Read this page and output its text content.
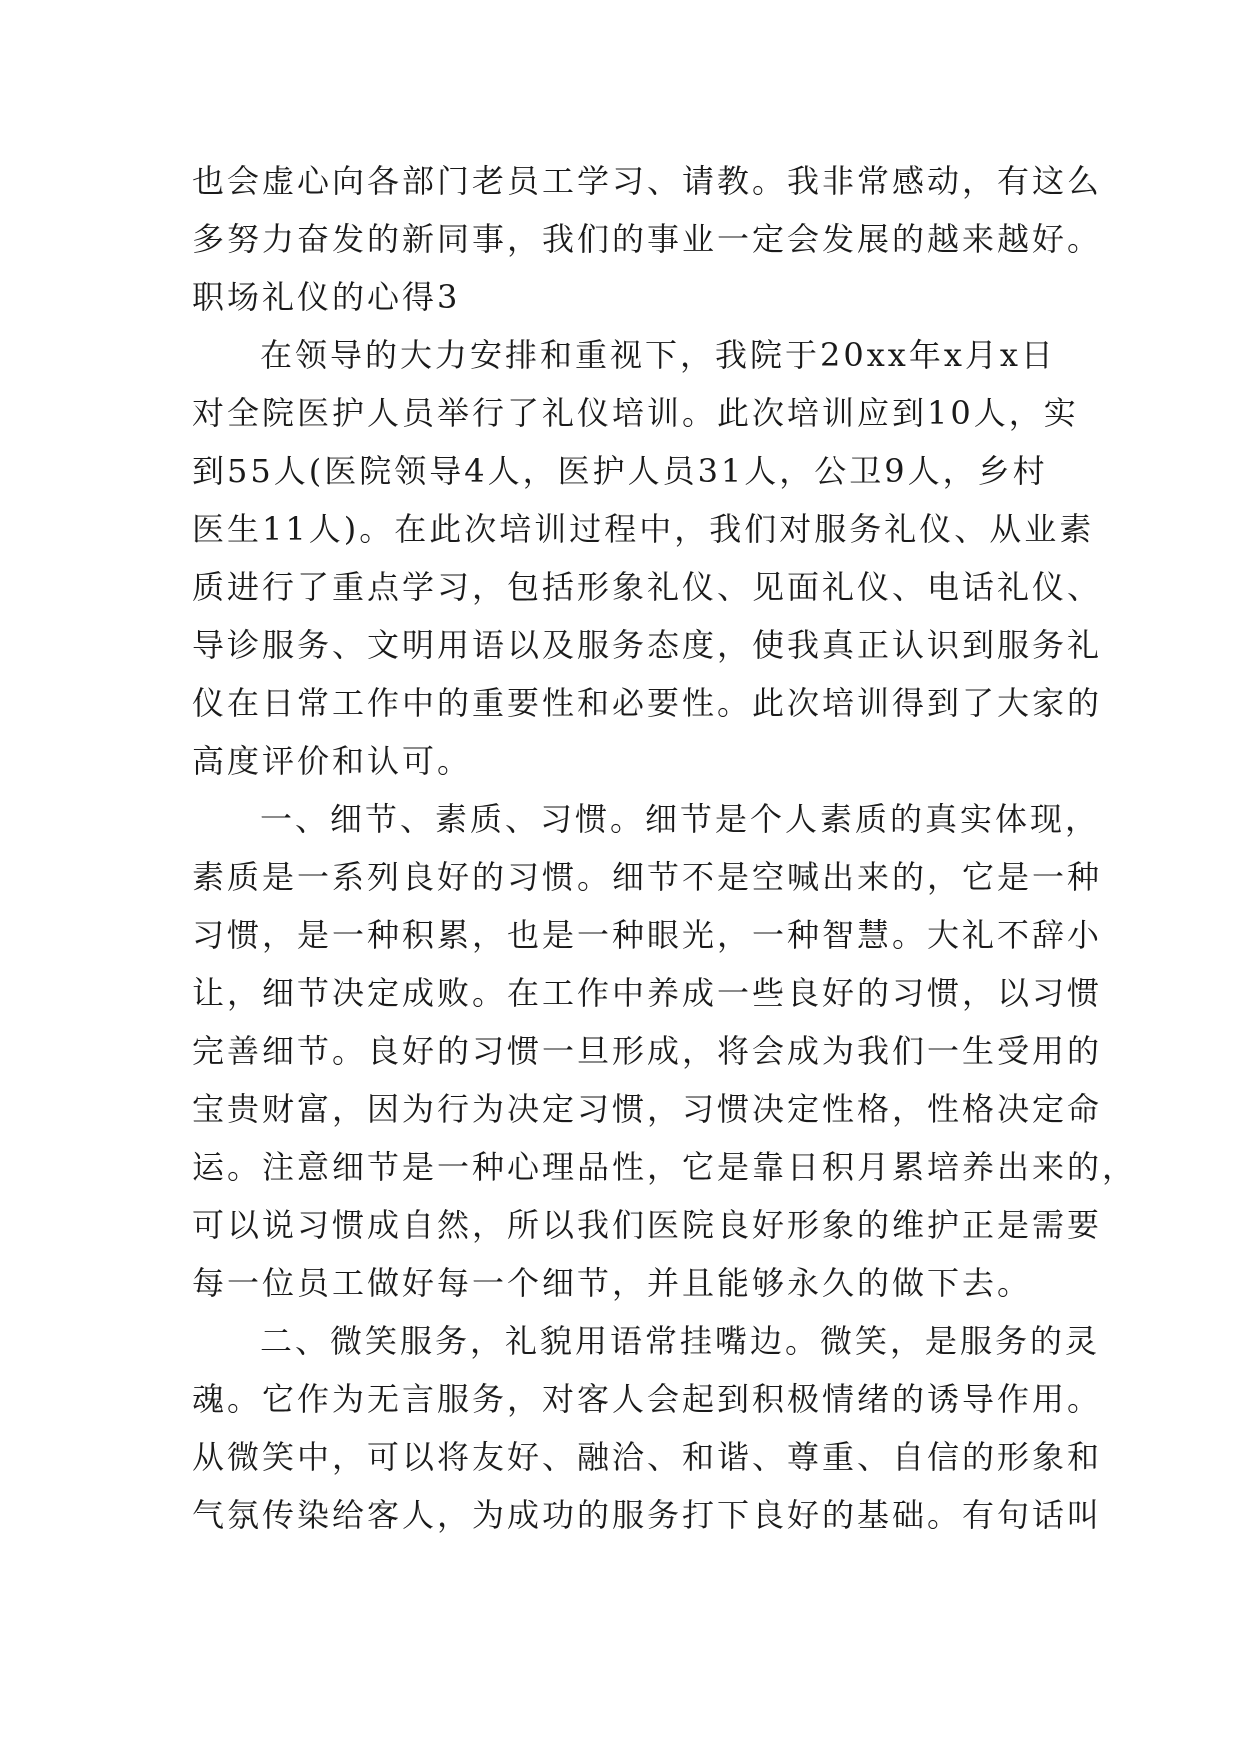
也会虚心向各部门老员工学习、请教。我非常感动，有这么
多努力奋发的新同事，我们的事业一定会发展的越来越好。
职场礼仪的心得3
在领导的大力安排和重视下，我院于20xx年x月x日
对全院医护人员举行了礼仪培训。此次培训应到10人，实
到55人(医院领导4人，医护人员31人，公卫9人，乡村
医生11人)。在此次培训过程中，我们对服务礼仪、从业素
质进行了重点学习，包括形象礼仪、见面礼仪、电话礼仪、
导诊服务、文明用语以及服务态度，使我真正认识到服务礼
仪在日常工作中的重要性和必要性。此次培训得到了大家的
高度评价和认可。
一、细节、素质、习惯。细节是个人素质的真实体现，
素质是一系列良好的习惯。细节不是空喊出来的，它是一种
习惯，是一种积累，也是一种眼光，一种智慧。大礼不辞小
让，细节决定成败。在工作中养成一些良好的习惯，以习惯
完善细节。良好的习惯一旦形成，将会成为我们一生受用的
宝贵财富，因为行为决定习惯，习惯决定性格，性格决定命
运。注意细节是一种心理品性，它是靠日积月累培养出来的，
可以说习惯成自然，所以我们医院良好形象的维护正是需要
每一位员工做好每一个细节，并且能够永久的做下去。
二、微笑服务，礼貌用语常挂嘴边。微笑，是服务的灵
魂。它作为无言服务，对客人会起到积极情绪的诱导作用。
从微笑中，可以将友好、融洽、和谐、尊重、自信的形象和
气氛传染给客人，为成功的服务打下良好的基础。有句话叫
